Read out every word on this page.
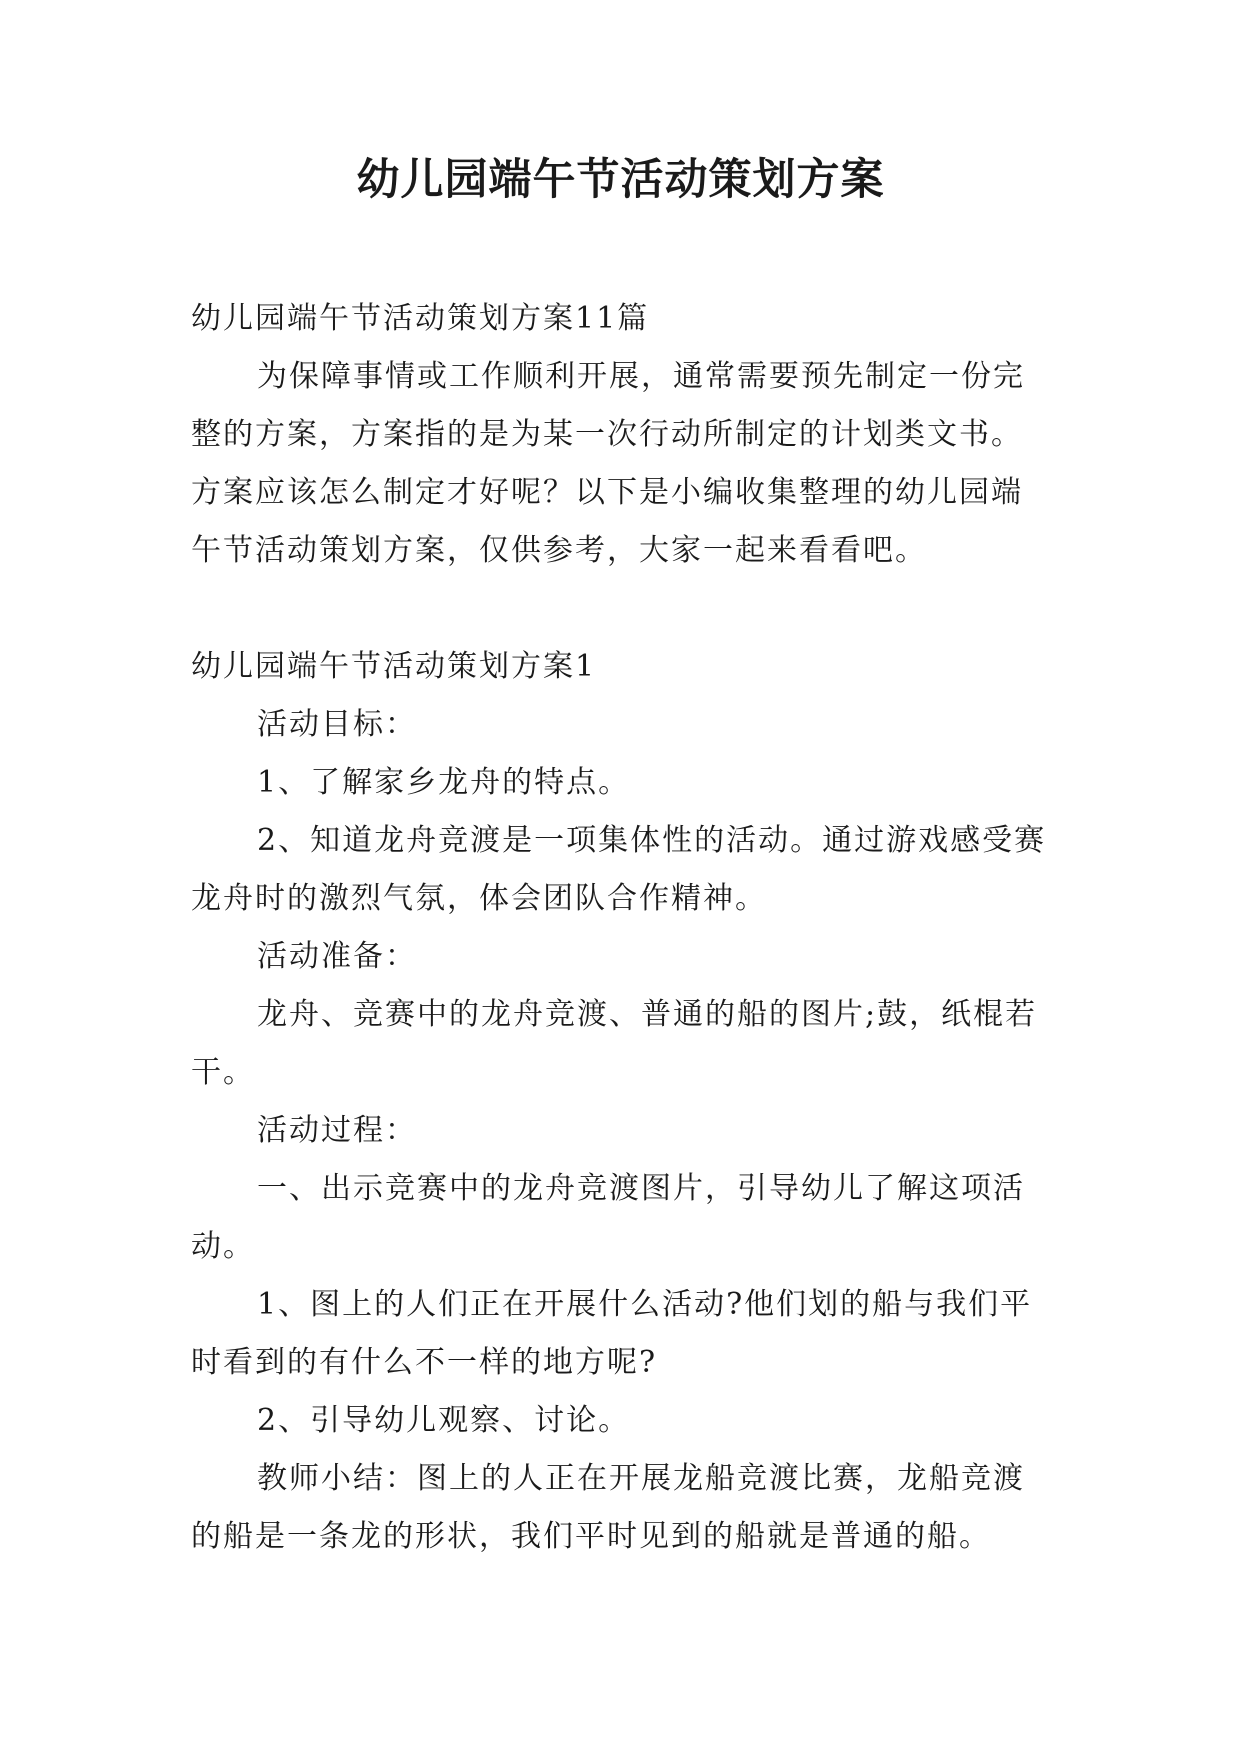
幼儿园端午节活动策划方案

幼儿园端午节活动策划方案11篇

为保障事情或工作顺利开展，通常需要预先制定一份完整的方案，方案指的是为某一次行动所制定的计划类文书。方案应该怎么制定才好呢？以下是小编收集整理的幼儿园端午节活动策划方案，仅供参考，大家一起来看看吧。

幼儿园端午节活动策划方案1

活动目标：

1、了解家乡龙舟的特点。

2、知道龙舟竞渡是一项集体性的活动。通过游戏感受赛龙舟时的激烈气氛，体会团队合作精神。

活动准备：

龙舟、竞赛中的龙舟竞渡、普通的船的图片;鼓，纸棍若干。

活动过程：

一、出示竞赛中的龙舟竞渡图片，引导幼儿了解这项活动。

1、图上的人们正在开展什么活动?他们划的船与我们平时看到的有什么不一样的地方呢?

2、引导幼儿观察、讨论。

教师小结：图上的人正在开展龙船竞渡比赛，龙船竞渡的船是一条龙的形状，我们平时见到的船就是普通的船。
